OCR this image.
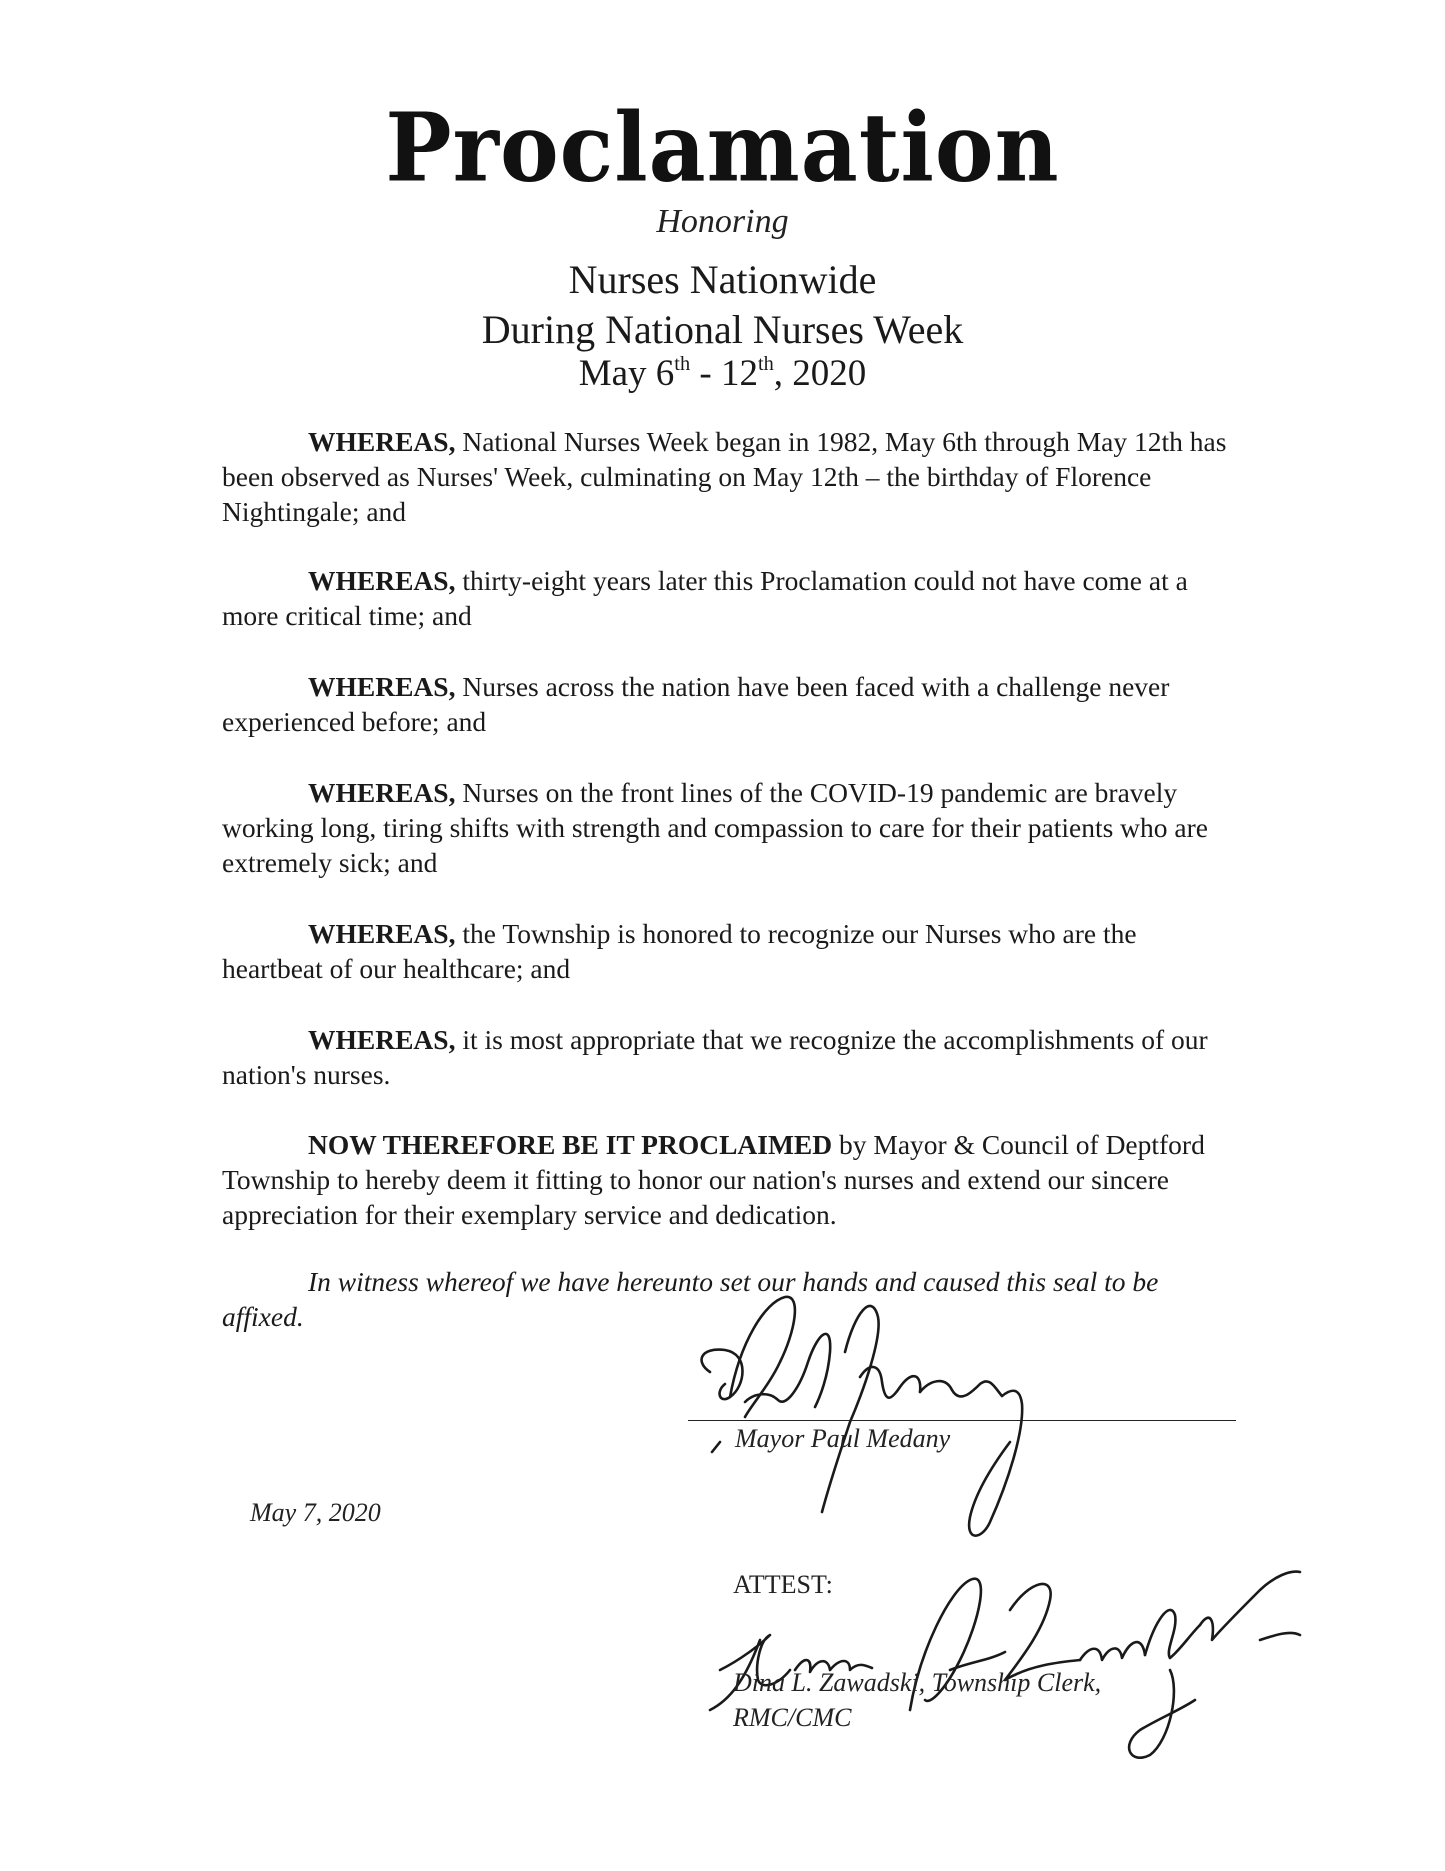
Proclamation
Honoring
Nurses Nationwide
During National Nurses Week
May 6th - 12th, 2020

WHEREAS, National Nurses Week began in 1982, May 6th through May 12th has been observed as Nurses' Week, culminating on May 12th – the birthday of Florence Nightingale; and

WHEREAS, thirty-eight years later this Proclamation could not have come at a more critical time; and

WHEREAS, Nurses across the nation have been faced with a challenge never experienced before; and

WHEREAS, Nurses on the front lines of the COVID-19 pandemic are bravely working long, tiring shifts with strength and compassion to care for their patients who are extremely sick; and

WHEREAS, the Township is honored to recognize our Nurses who are the heartbeat of our healthcare; and

WHEREAS, it is most appropriate that we recognize the accomplishments of our nation's nurses.

NOW THEREFORE BE IT PROCLAIMED by Mayor & Council of Deptford Township to hereby deem it fitting to honor our nation's nurses and extend our sincere appreciation for their exemplary service and dedication.

In witness whereof we have hereunto set our hands and caused this seal to be affixed.

Mayor Paul Medany
May 7, 2020
ATTEST:
Dina L. Zawadski, Township Clerk,
RMC/CMC
